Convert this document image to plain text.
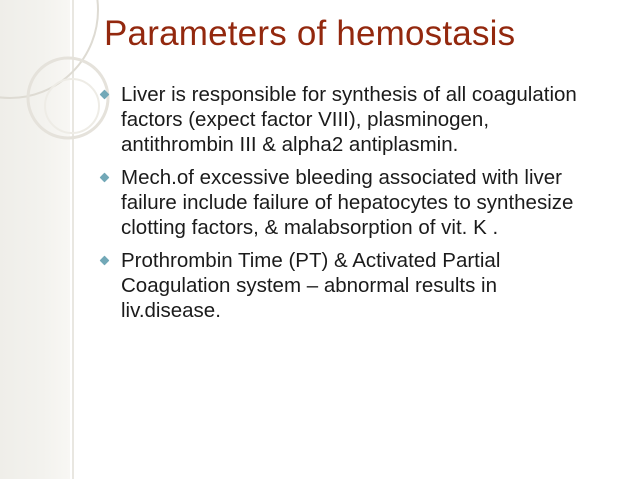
Parameters of hemostasis
Liver is responsible for synthesis of all coagulation factors (expect factor VIII), plasminogen, antithrombin III & alpha2 antiplasmin.
Mech.of excessive bleeding associated with liver failure include failure of hepatocytes to synthesize clotting factors, & malabsorption of vit. K .
Prothrombin Time (PT) & Activated Partial Coagulation system – abnormal results in liv.disease.
